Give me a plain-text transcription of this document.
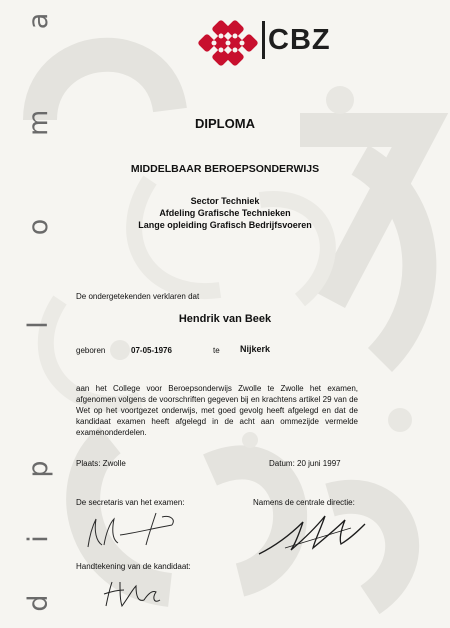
d
i
p
l
o
m
a
CBZ
DIPLOMA
MIDDELBAAR BEROEPSONDERWIJS
Sector Techniek
Afdeling Grafische Technieken
Lange opleiding Grafisch Bedrijfsvoeren
De ondergetekenden verklaren dat
Hendrik van Beek
geboren	07-05-1976	te Nijkerk
aan het College voor Beroepsonderwijs Zwolle te Zwolle het examen, afgenomen volgens de voorschriften gegeven bij en krachtens artikel 29 van de Wet op het voortgezet onderwijs, met goed gevolg heeft afgelegd en dat de kandidaat examen heeft afgelegd in de acht aan ommezijde vermelde examenonderdelen.
Plaats: Zwolle	Datum: 20 juni 1997
De secretaris van het examen:	Namens de centrale directie:
Handtekening van de kandidaat:
